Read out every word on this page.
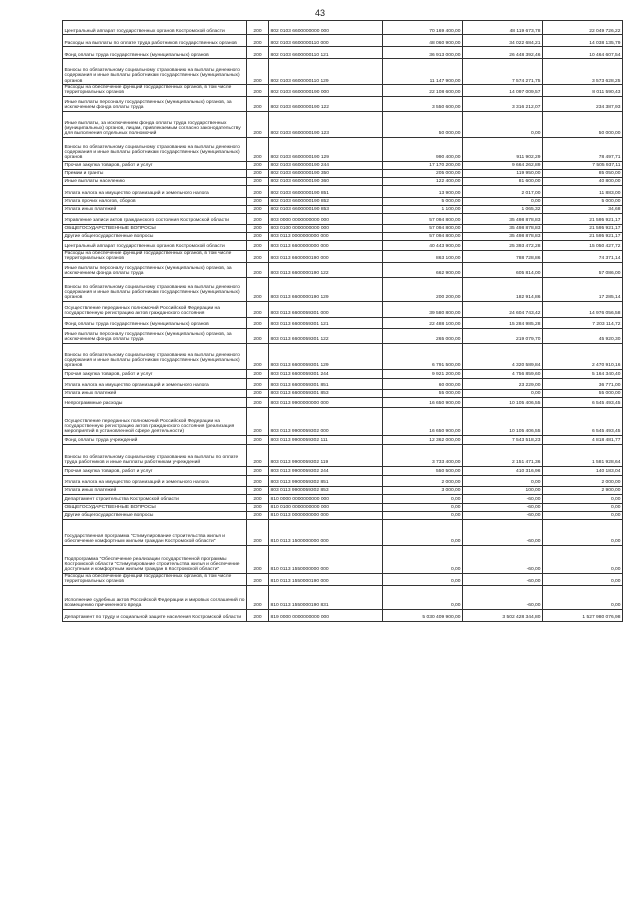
43
Центральный аппарат государственных органов Костромской области	200	802 0103 6600000000 000	70 169 400,00	48 119 673,78	22 049 726,22
Расходы на выплаты по оплате труда работников государственных органов	200	802 0103 6600000110 000	48 060 900,00	34 022 684,21	14 038 135,79
Фонд оплаты труда государственных (муниципальных) органов	200	802 0103 6600000110 121	36 913 000,00	26 448 392,46	10 464 607,54
Взносы по обязательному социальному страхованию на выплаты денежного содержания и иные выплаты работникам государственных (муниципальных) органов	200	802 0103 6600000110 129	11 147 900,00	7 574 271,75	3 573 628,25
Расходы на обеспечение функций государственных органов, в том числе территориальных органов	200	802 0103 6600000190 000	22 108 600,00	14 097 009,57	8 011 590,43
Иные выплаты персоналу государственных (муниципальных) органов, за исключением фонда оплаты труда	200	802 0103 6600000190 122	3 550 600,00	3 316 212,07	234 387,93
Иные выплаты, за исключением фонда оплаты труда государственных (муниципальных) органов, лицам, привлекаемым согласно законодательству для выполнения отдельных полномочий	200	802 0103 6600000190 123	50 000,00	0,00	50 000,00
Взносы по обязательному социальному страхованию на выплаты денежного содержания и иные выплаты работникам государственных (муниципальных) органов	200	802 0103 6600000190 129	990 400,00	911 902,29	78 497,71
Прочая закупка товаров, работ и услуг	200	802 0103 6600000190 244	17 170 200,00	9 664 262,89	7 505 937,11
Премии и гранты	200	802 0103 6600000190 350	205 000,00	119 950,00	85 050,00
Иные выплаты населению	200	802 0103 6600000190 360	122 400,00	81 600,00	40 800,00
Уплата налога на имущество организаций и земельного налога	200	802 0103 6600000190 851	13 900,00	2 017,00	11 883,00
Уплата прочих налогов, сборов	200	802 0103 6600000190 852	5 000,00	0,00	5 000,00
Уплата иных платежей	200	802 0103 6600000190 853	1 100,00	1 065,32	34,68
Управление записи актов гражданского состояния Костромской области	200	803 0000 0000000000 000	57 094 800,00	35 498 878,83	21 595 921,17
ОБЩЕГОСУДАРСТВЕННЫЕ ВОПРОСЫ	200	803 0100 0000000000 000	57 094 800,00	35 498 878,83	21 595 921,17
Другие общегосударственные вопросы	200	803 0113 0000000000 000	57 094 800,00	35 498 878,83	21 595 921,17
Центральный аппарат государственных органов Костромской области	200	803 0113 6600000000 000	40 443 900,00	25 393 472,28	15 050 427,72
Расходы на обеспечение функций государственных органов, в том числе территориальных органов	200	803 0113 6600000190 000	863 100,00	788 728,86	74 371,14
Иные выплаты персоналу государственных (муниципальных) органов, за исключением фонда оплаты труда	200	803 0113 6600000190 122	662 900,00	605 814,00	57 086,00
Взносы по обязательному социальному страхованию на выплаты денежного содержания и иные выплаты работникам государственных (муниципальных) органов	200	803 0113 6600000190 129	200 200,00	182 914,86	17 285,14
Осуществление переданных полномочий Российской Федерации на государственную регистрацию актов гражданского состояния	200	803 0113 6600059301 000	39 580 800,00	24 604 743,42	14 976 056,58
Фонд оплаты труда государственных (муниципальных) органов	200	803 0113 6600059301 121	22 488 100,00	15 284 985,28	7 203 114,72
Иные выплаты персоналу государственных (муниципальных) органов, за исключением фонда оплаты труда	200	803 0113 6600059301 122	265 000,00	219 079,70	45 920,30
Взносы по обязательному социальному страхованию на выплаты денежного содержания и иные выплаты работникам государственных (муниципальных) органов	200	803 0113 6600059301 129	6 791 500,00	4 320 589,84	2 470 910,16
Прочая закупка товаров, работ и услуг	200	803 0113 6600059301 244	9 921 200,00	4 756 859,60	5 164 340,40
Уплата налога на имущество организаций и земельного налога	200	803 0113 6600059301 851	60 000,00	23 229,00	36 771,00
Уплата иных платежей	200	803 0113 6600059301 853	55 000,00	0,00	55 000,00
Непрограммные расходы	200	803 0113 9900000000 000	16 650 900,00	10 105 406,55	6 545 493,45
Осуществление переданных полномочий Российской Федерации на государственную регистрацию актов гражданского состояния (реализация мероприятий в установленной сфере деятельности)	200	803 0113 9900059302 000	16 650 900,00	10 105 406,55	6 545 493,45
Фонд оплаты труда учреждений	200	803 0113 9900059302 111	12 362 000,00	7 543 518,23	4 818 481,77
Взносы по обязательному социальному страхованию на выплаты по оплате труда работников и иные выплаты работникам учреждений	200	803 0113 9900059302 119	3 733 400,00	2 151 471,36	1 581 928,64
Прочая закупка товаров, работ и услуг	200	803 0113 9900059302 244	550 500,00	410 316,96	140 183,04
Уплата налога на имущество организаций и земельного налога	200	803 0113 9900059302 851	2 000,00	0,00	2 000,00
Уплата иных платежей	200	803 0113 9900059302 853	3 000,00	100,00	2 900,00
Департамент строительства Костромской области	200	810 0000 0000000000 000	0,00	-60,00	0,00
ОБЩЕГОСУДАРСТВЕННЫЕ ВОПРОСЫ	200	810 0100 0000000000 000	0,00	-60,00	0,00
Другие общегосударственные вопросы	200	810 0113 0000000000 000	0,00	-60,00	0,00
Государственная программа "Стимулирование строительства жилья и обеспечение комфортным жильем граждан Костромской области"	200	810 0113 1500000000 000	0,00	-60,00	0,00
Подпрограмма "Обеспечение реализации государственной программы Костромской области "Стимулирование строительства жилья и обеспечение доступным и комфортным жильем граждан в Костромской области"	200	810 0113 1550000000 000	0,00	-60,00	0,00
Расходы на обеспечение функций государственных органов, в том числе территориальных органов	200	810 0113 1550000190 000	0,00	-60,00	0,00
Исполнение судебных актов Российской Федерации и мировых соглашений по возмещению причиненного вреда	200	810 0113 1550000190 831	0,00	-60,00	0,00
Департамент по труду и социальной защите населения Костромской области	200	819 0000 0000000000 000	5 030 409 900,00	3 502 428 344,80	1 527 980 076,98
